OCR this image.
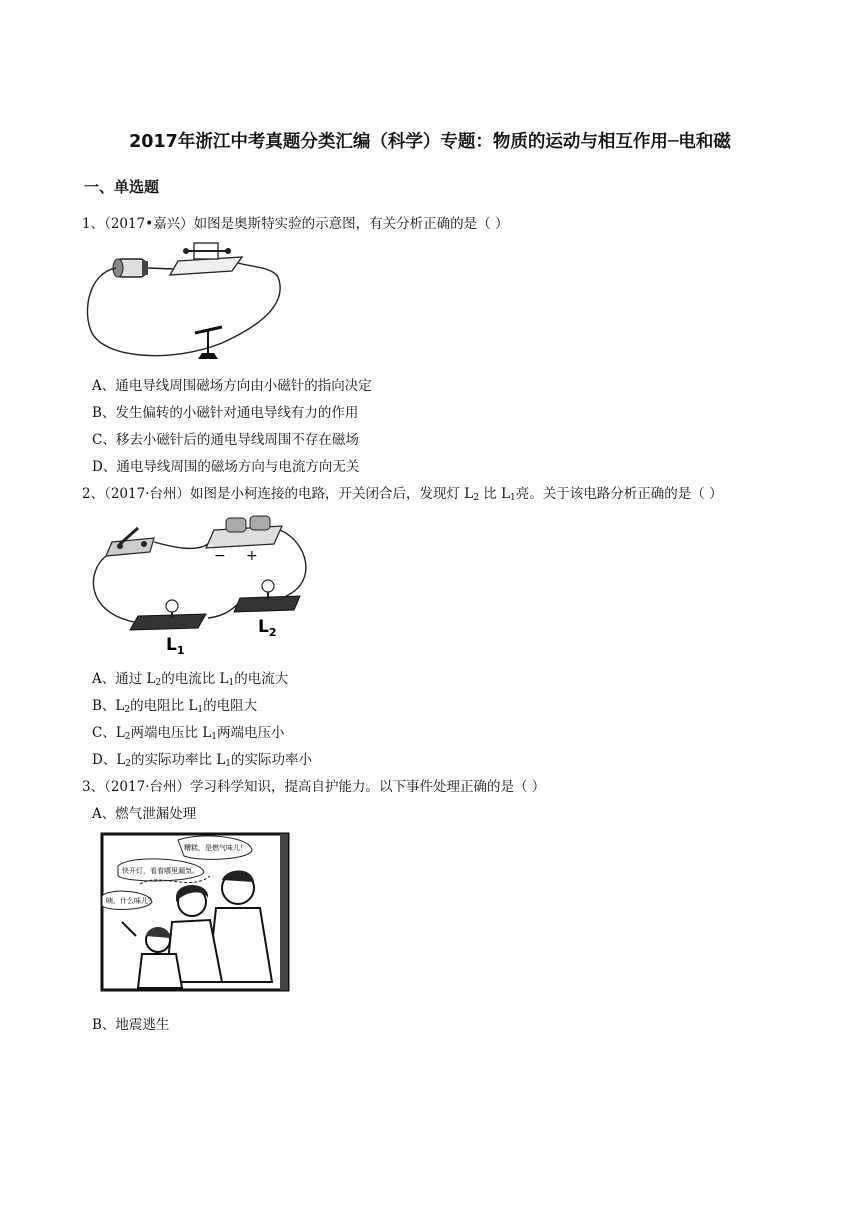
2017年浙江中考真题分类汇编（科学）专题：物质的运动与相互作用─电和磁
一、单选题
1、（2017•嘉兴）如图是奥斯特实验的示意图，有关分析正确的是（ ）
A、通电导线周围磁场方向由小磁针的指向决定
B、发生偏转的小磁针对通电导线有力的作用
C、移去小磁针后的通电导线周围不存在磁场
D、通电导线周围的磁场方向与电流方向无关
2、（2017·台州）如图是小柯连接的电路，开关闭合后，发现灯 $L_2$ 比 $L_1$亮。关于该电路分析正确的是（ ）
− +
$L_1$
$L_2$
A、通过 $L_2$的电流比 $L_1$的电流大
B、$L_2$的电阻比 $L_1$的电阻大
C、$L_2$两端电压比 $L_1$两端电压小
D、$L_2$的实际功率比 $L_1$的实际功率小
3、（2017·台州）学习科学知识，提高自护能力。以下事件处理正确的是（ ）
A、燃气泄漏处理
糟糕，是燃气味儿！
快开灯，看看哪里漏気。
咦，什么味儿？
B、地震逃生
